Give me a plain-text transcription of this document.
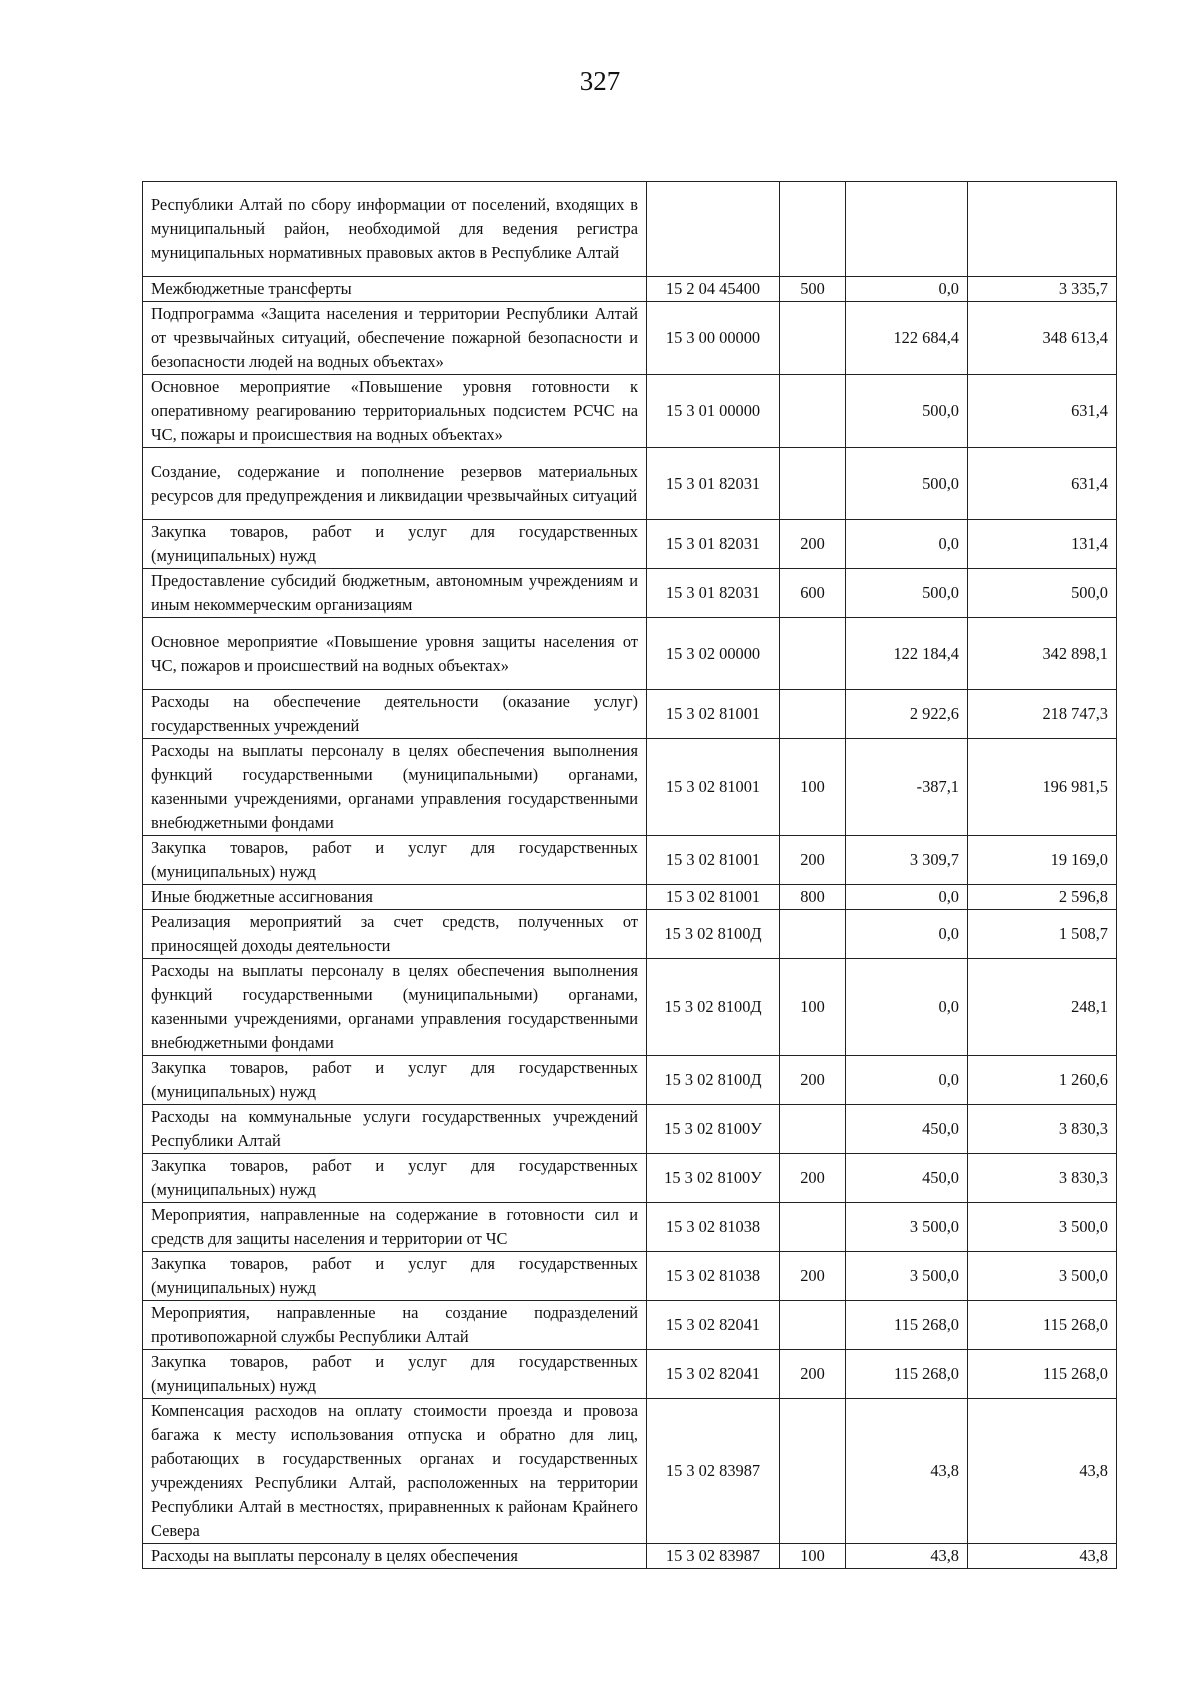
327
Республики Алтай по сбору информации от поселений, входящих в муниципальный район, необходимой для ведения регистра муниципальных нормативных правовых актов в Республике Алтай				
Межбюджетные трансферты	15 2 04 45400	500	0,0	3 335,7
Подпрограмма «Защита населения и территории Республики Алтай от чрезвычайных ситуаций, обеспечение пожарной безопасности и безопасности людей на водных объектах»	15 3 00 00000		122 684,4	348 613,4
Основное мероприятие «Повышение уровня готовности к оперативному реагированию территориальных подсистем РСЧС на ЧС, пожары и происшествия на водных объектах»	15 3 01 00000		500,0	631,4
Создание, содержание и пополнение резервов материальных ресурсов для предупреждения и ликвидации чрезвычайных ситуаций	15 3 01 82031		500,0	631,4
Закупка товаров, работ и услуг для государственных (муниципальных) нужд	15 3 01 82031	200	0,0	131,4
Предоставление субсидий бюджетным, автономным учреждениям и иным некоммерческим организациям	15 3 01 82031	600	500,0	500,0
Основное мероприятие «Повышение уровня защиты населения от ЧС, пожаров и происшествий на водных объектах»	15 3 02 00000		122 184,4	342 898,1
Расходы на обеспечение деятельности (оказание услуг) государственных учреждений	15 3 02 81001		2 922,6	218 747,3
Расходы на выплаты персоналу в целях обеспечения выполнения функций государственными (муниципальными) органами, казенными учреждениями, органами управления государственными внебюджетными фондами	15 3 02 81001	100	-387,1	196 981,5
Закупка товаров, работ и услуг для государственных (муниципальных) нужд	15 3 02 81001	200	3 309,7	19 169,0
Иные бюджетные ассигнования	15 3 02 81001	800	0,0	2 596,8
Реализация мероприятий за счет средств, полученных от приносящей доходы деятельности	15 3 02 8100Д		0,0	1 508,7
Расходы на выплаты персоналу в целях обеспечения выполнения функций государственными (муниципальными) органами, казенными учреждениями, органами управления государственными внебюджетными фондами	15 3 02 8100Д	100	0,0	248,1
Закупка товаров, работ и услуг для государственных (муниципальных) нужд	15 3 02 8100Д	200	0,0	1 260,6
Расходы на коммунальные услуги государственных учреждений Республики Алтай	15 3 02 8100У		450,0	3 830,3
Закупка товаров, работ и услуг для государственных (муниципальных) нужд	15 3 02 8100У	200	450,0	3 830,3
Мероприятия, направленные на содержание в готовности сил и средств для защиты населения и территории от ЧС	15 3 02 81038		3 500,0	3 500,0
Закупка товаров, работ и услуг для государственных (муниципальных) нужд	15 3 02 81038	200	3 500,0	3 500,0
Мероприятия, направленные на создание подразделений противопожарной службы Республики Алтай	15 3 02 82041		115 268,0	115 268,0
Закупка товаров, работ и услуг для государственных (муниципальных) нужд	15 3 02 82041	200	115 268,0	115 268,0
Компенсация расходов на оплату стоимости проезда и провоза багажа к месту использования отпуска и обратно для лиц, работающих в государственных органах и государственных учреждениях Республики Алтай, расположенных на территории Республики Алтай в местностях, приравненных к районам Крайнего Севера	15 3 02 83987		43,8	43,8
Расходы на выплаты персоналу в целях обеспечения	15 3 02 83987	100	43,8	43,8
